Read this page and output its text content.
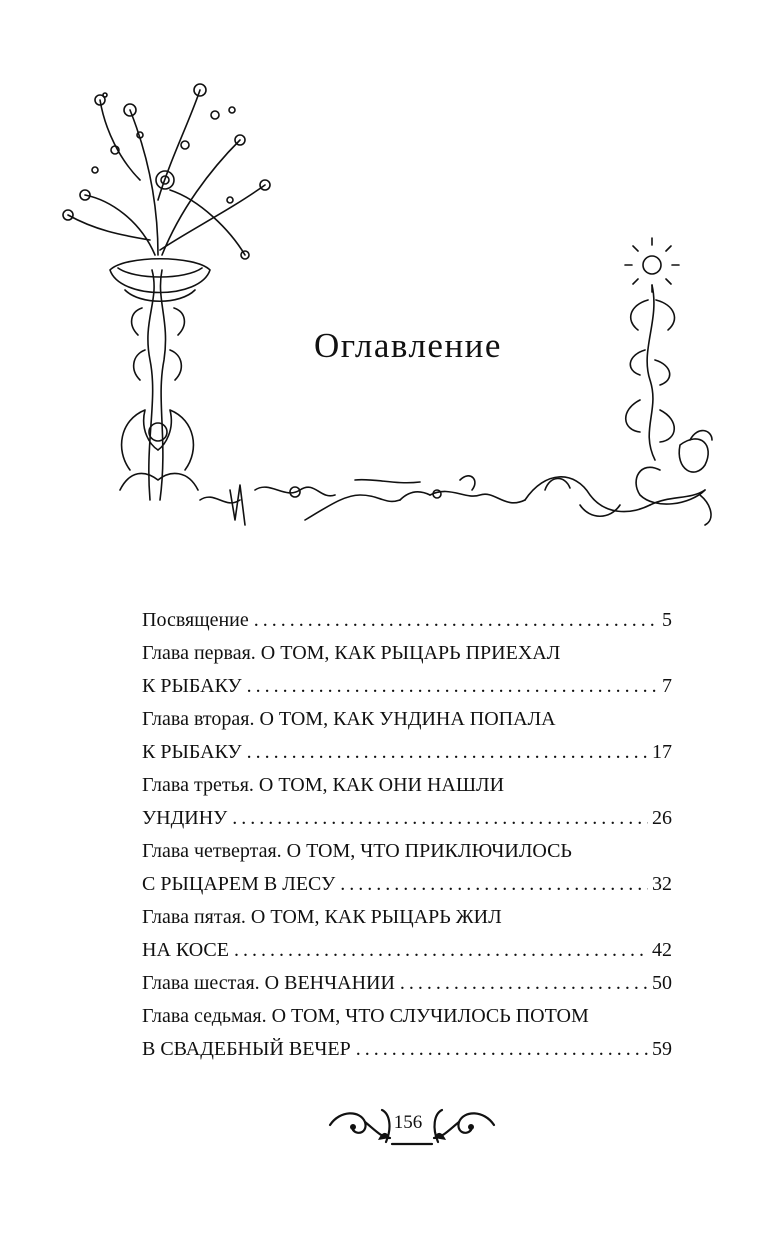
Оглавление
Посвящение . . .	5
Глава первая. О ТОМ, КАК РЫЦАРЬ ПРИЕХАЛ
К РЫБАКУ . . .	7
Глава вторая. О ТОМ, КАК УНДИНА ПОПАЛА
К РЫБАКУ . . .	17
Глава третья. О ТОМ, КАК ОНИ НАШЛИ
УНДИНУ . . .	26
Глава четвертая. О ТОМ, ЧТО ПРИКЛЮЧИЛОСЬ
С РЫЦАРЕМ В ЛЕСУ . . .	32
Глава пятая. О ТОМ, КАК РЫЦАРЬ ЖИЛ
НА КОСЕ . . .	42
Глава шестая. О ВЕНЧАНИИ . . .	50
Глава седьмая. О ТОМ, ЧТО СЛУЧИЛОСЬ ПОТОМ
В СВАДЕБНЫЙ ВЕЧЕР . . .	59
156
